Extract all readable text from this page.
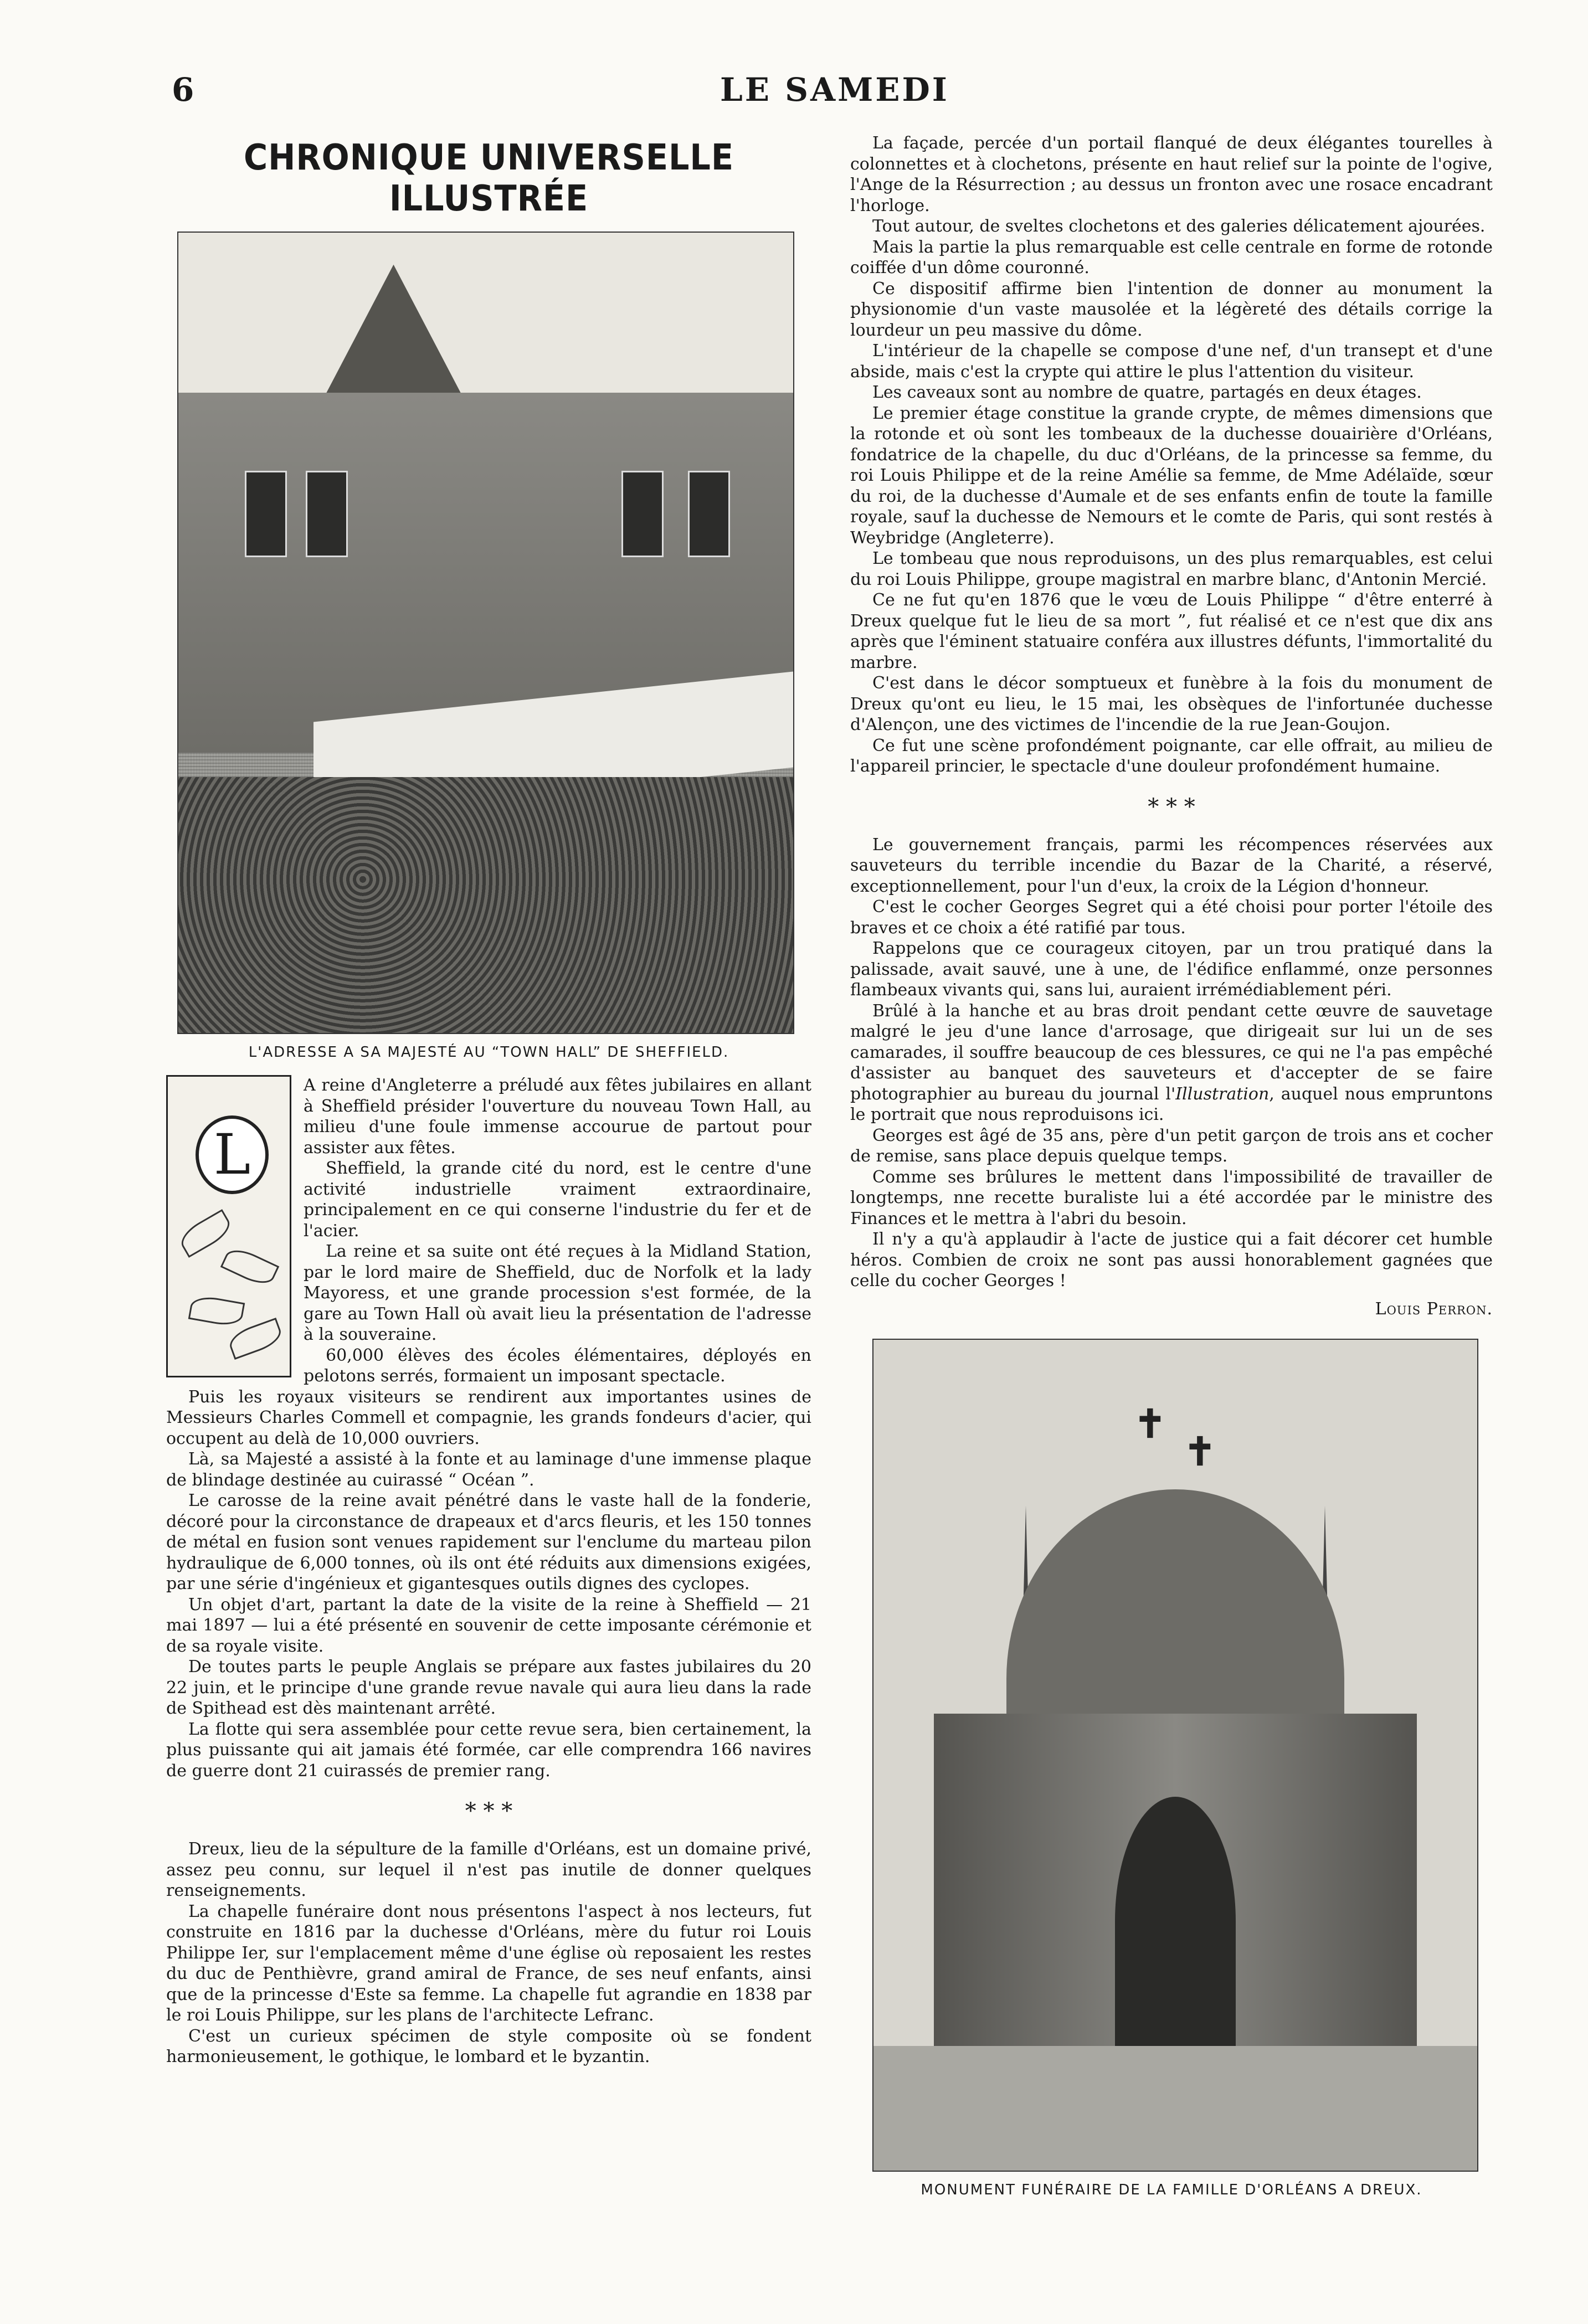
6	LE SAMEDI
CHRONIQUE UNIVERSELLE ILLUSTRÉE
L'ADRESSE A SA MAJESTÉ AU “TOWN HALL” DE SHEFFIELD.
L

A reine d'Angleterre a préludé aux fêtes jubilaires en allant à Sheffield présider l'ouverture du nouveau Town Hall, au milieu d'une foule immense accourue de partout pour assister aux fêtes.

Sheffield, la grande cité du nord, est le centre d'une activité industrielle vraiment extraordinaire, principalement en ce qui conserne l'industrie du fer et de l'acier.

La reine et sa suite ont été reçues à la Midland Station, par le lord maire de Sheffield, duc de Norfolk et la lady Mayoress, et une grande procession s'est formée, de la gare au Town Hall où avait lieu la présentation de l'adresse à la souveraine.

60,000 élèves des écoles élémentaires, déployés en pelotons serrés, formaient un imposant spectacle.

Puis les royaux visiteurs se rendirent aux importantes usines de Messieurs Charles Commell et compagnie, les grands fondeurs d'acier, qui occupent au delà de 10,000 ouvriers.

Là, sa Majesté a assisté à la fonte et au laminage d'une immense plaque de blindage destinée au cuirassé “ Océan ”.

Le carosse de la reine avait pénétré dans le vaste hall de la fonderie, décoré pour la circonstance de drapeaux et d'arcs fleuris, et les 150 tonnes de métal en fusion sont venues rapidement sur l'enclume du marteau pilon hydraulique de 6,000 tonnes, où ils ont été réduits aux dimensions exigées, par une série d'ingénieux et gigantesques outils dignes des cyclopes.

Un objet d'art, partant la date de la visite de la reine à Sheffield — 21 mai 1897 — lui a été présenté en souvenir de cette imposante cérémonie et de sa royale visite.

De toutes parts le peuple Anglais se prépare aux fastes jubilaires du 20 22 juin, et le principe d'une grande revue navale qui aura lieu dans la rade de Spithead est dès maintenant arrêté.

La flotte qui sera assemblée pour cette revue sera, bien certainement, la plus puissante qui ait jamais été formée, car elle comprendra 166 navires de guerre dont 21 cuirassés de premier rang.

* * *

Dreux, lieu de la sépulture de la famille d'Orléans, est un domaine privé, assez peu connu, sur lequel il n'est pas inutile de donner quelques renseignements.

La chapelle funéraire dont nous présentons l'aspect à nos lecteurs, fut construite en 1816 par la duchesse d'Orléans, mère du futur roi Louis Philippe Ier, sur l'emplacement même d'une église où reposaient les restes du duc de Penthièvre, grand amiral de France, de ses neuf enfants, ainsi que de la princesse d'Este sa femme. La chapelle fut agrandie en 1838 par le roi Louis Philippe, sur les plans de l'architecte Lefranc.

C'est un curieux spécimen de style composite où se fondent harmonieusement, le gothique, le lombard et le byzantin.

La façade, percée d'un portail flanqué de deux élégantes tourelles à colonnettes et à clochetons, présente en haut relief sur la pointe de l'ogive, l'Ange de la Résurrection ; au dessus un fronton avec une rosace encadrant l'horloge.

Tout autour, de sveltes clochetons et des galeries délicatement ajourées.

Mais la partie la plus remarquable est celle centrale en forme de rotonde coiffée d'un dôme couronné.

Ce dispositif affirme bien l'intention de donner au monument la physionomie d'un vaste mausolée et la légèreté des détails corrige la lourdeur un peu massive du dôme.

L'intérieur de la chapelle se compose d'une nef, d'un transept et d'une abside, mais c'est la crypte qui attire le plus l'attention du visiteur.

Les caveaux sont au nombre de quatre, partagés en deux étages.

Le premier étage constitue la grande crypte, de mêmes dimensions que la rotonde et où sont les tombeaux de la duchesse douairière d'Orléans, fondatrice de la chapelle, du duc d'Orléans, de la princesse sa femme, du roi Louis Philippe et de la reine Amélie sa femme, de Mme Adélaïde, sœur du roi, de la duchesse d'Aumale et de ses enfants enfin de toute la famille royale, sauf la duchesse de Nemours et le comte de Paris, qui sont restés à Weybridge (Angleterre).

Le tombeau que nous reproduisons, un des plus remarquables, est celui du roi Louis Philippe, groupe magistral en marbre blanc, d'Antonin Mercié.

Ce ne fut qu'en 1876 que le vœu de Louis Philippe “ d'être enterré à Dreux quelque fut le lieu de sa mort ”, fut réalisé et ce n'est que dix ans après que l'éminent statuaire conféra aux illustres défunts, l'immortalité du marbre.

C'est dans le décor somptueux et funèbre à la fois du monument de Dreux qu'ont eu lieu, le 15 mai, les obsèques de l'infortunée duchesse d'Alençon, une des victimes de l'incendie de la rue Jean-Goujon.

Ce fut une scène profondément poignante, car elle offrait, au milieu de l'appareil princier, le spectacle d'une douleur profondément humaine.

* * *

Le gouvernement français, parmi les récompences réservées aux sauveteurs du terrible incendie du Bazar de la Charité, a réservé, exceptionnellement, pour l'un d'eux, la croix de la Légion d'honneur.

C'est le cocher Georges Segret qui a été choisi pour porter l'étoile des braves et ce choix a été ratifié par tous.

Rappelons que ce courageux citoyen, par un trou pratiqué dans la palissade, avait sauvé, une à une, de l'édifice enflammé, onze personnes flambeaux vivants qui, sans lui, auraient irrémédiablement péri.

Brûlé à la hanche et au bras droit pendant cette œuvre de sauvetage malgré le jeu d'une lance d'arrosage, que dirigeait sur lui un de ses camarades, il souffre beaucoup de ces blessures, ce qui ne l'a pas empêché d'assister au banquet des sauveteurs et d'accepter de se faire photographier au bureau du journal l'Illustration, auquel nous empruntons le portrait que nous reproduisons ici.

Georges est âgé de 35 ans, père d'un petit garçon de trois ans et cocher de remise, sans place depuis quelque temps.

Comme ses brûlures le mettent dans l'impossibilité de travailler de longtemps, nne recette buraliste lui a été accordée par le ministre des Finances et le mettra à l'abri du besoin.

Il n'y a qu'à applaudir à l'acte de justice qui a fait décorer cet humble héros. Combien de croix ne sont pas aussi honorablement gagnées que celle du cocher Georges !

Louis Perron.
✝
✝
MONUMENT FUNÉRAIRE DE LA FAMILLE D'ORLÉANS A DREUX.
